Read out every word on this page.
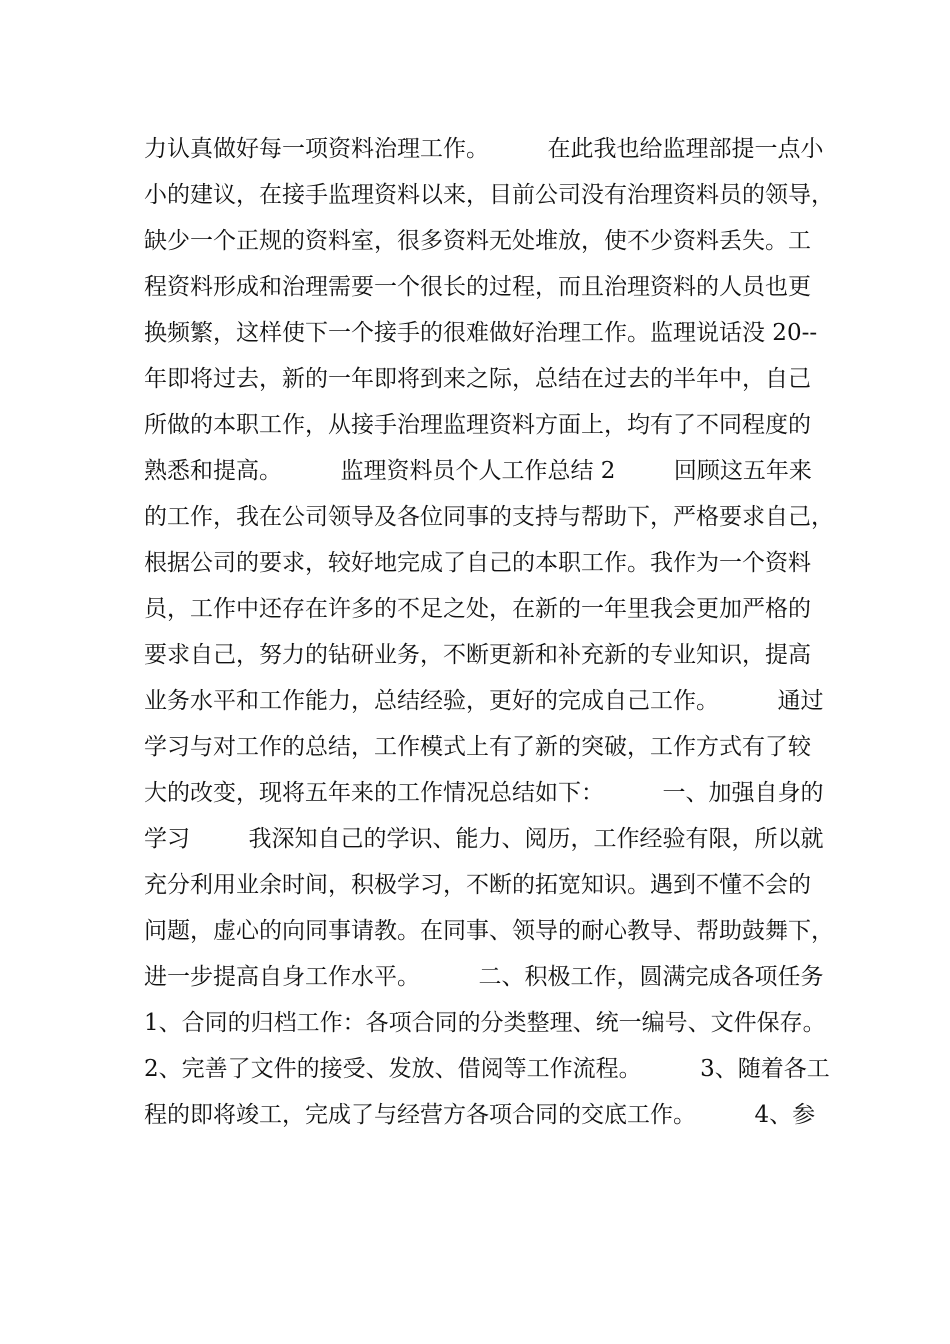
力认真做好每一项资料治理工作。        在此我也给监理部提一点小
小的建议，在接手监理资料以来，目前公司没有治理资料员的领导，
缺少一个正规的资料室，很多资料无处堆放，使不少资料丢失。工
程资料形成和治理需要一个很长的过程，而且治理资料的人员也更
换频繁，这样使下一个接手的很难做好治理工作。监理说话没 20--
年即将过去，新的一年即将到来之际，总结在过去的半年中，自己
所做的本职工作，从接手治理监理资料方面上，均有了不同程度的
熟悉和提高。        监理资料员个人工作总结 2        回顾这五年来
的工作，我在公司领导及各位同事的支持与帮助下，严格要求自己，
根据公司的要求，较好地完成了自己的本职工作。我作为一个资料
员，工作中还存在许多的不足之处，在新的一年里我会更加严格的
要求自己，努力的钻研业务，不断更新和补充新的专业知识，提高
业务水平和工作能力，总结经验，更好的完成自己工作。        通过
学习与对工作的总结，工作模式上有了新的突破，工作方式有了较
大的改变，现将五年来的工作情况总结如下：        一、加强自身的
学习        我深知自己的学识、能力、阅历，工作经验有限，所以就
充分利用业余时间，积极学习，不断的拓宽知识。遇到不懂不会的
问题，虚心的向同事请教。在同事、领导的耐心教导、帮助鼓舞下，
进一步提高自身工作水平。        二、积极工作，圆满完成各项任务
1、合同的归档工作：各项合同的分类整理、统一编号、文件保存。
2、完善了文件的接受、发放、借阅等工作流程。        3、随着各工
程的即将竣工，完成了与经营方各项合同的交底工作。        4、参
